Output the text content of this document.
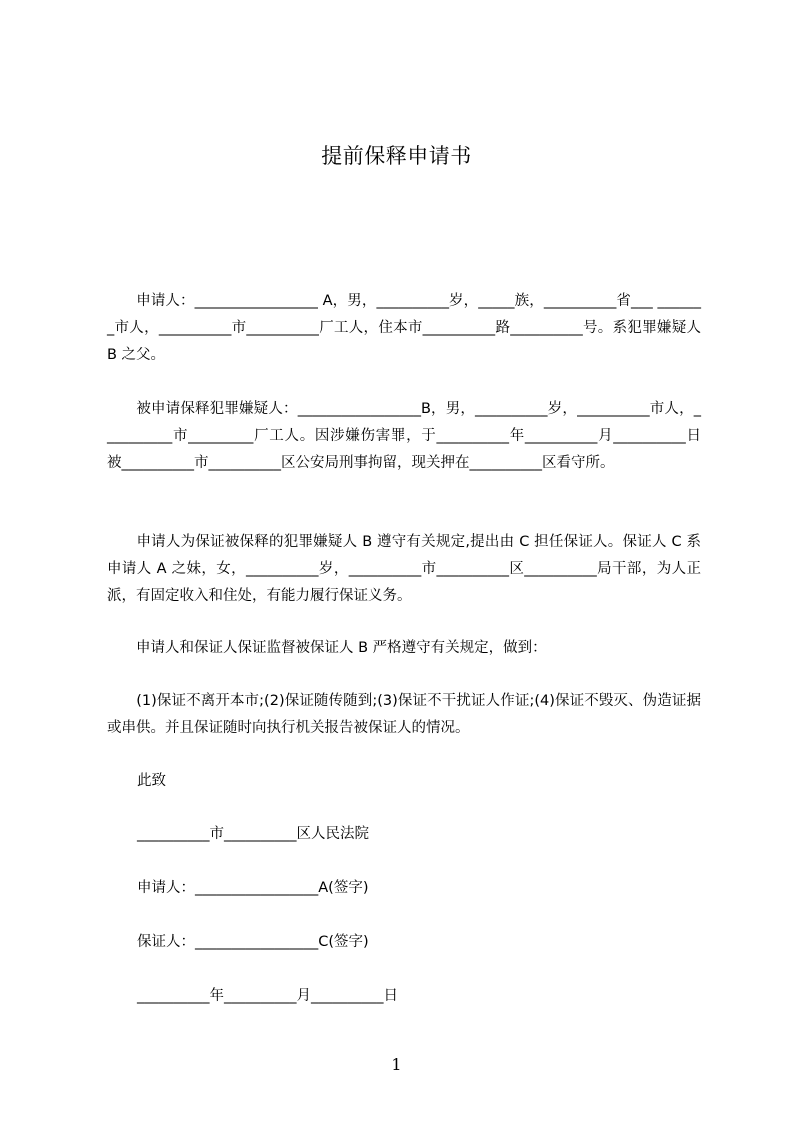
提前保释申请书
　　申请人：_________________ A，男，__________岁，_____族，__________省___ _______市人，__________市__________厂工人，住本市__________路__________号。系犯罪嫌疑人 B 之父。
　　被申请保释犯罪嫌疑人：_________________B，男，__________岁，__________市人，__________市_________厂工人。因涉嫌伤害罪，于__________年__________月__________日被__________市__________区公安局刑事拘留，现关押在__________区看守所。
　　申请人为保证被保释的犯罪嫌疑人 B 遵守有关规定,提出由 C 担任保证人。保证人 C 系申请人 A 之妹，女，__________岁，__________市__________区__________局干部，为人正派，有固定收入和住处，有能力履行保证义务。
　　申请人和保证人保证监督被保证人 B 严格遵守有关规定，做到：
　　(1)保证不离开本市;(2)保证随传随到;(3)保证不干扰证人作证;(4)保证不毁灭、伪造证据或串供。并且保证随时向执行机关报告被保证人的情况。
此致
__________市__________区人民法院
申请人：_________________A(签字)
保证人：_________________C(签字)
__________年__________月__________日
1
